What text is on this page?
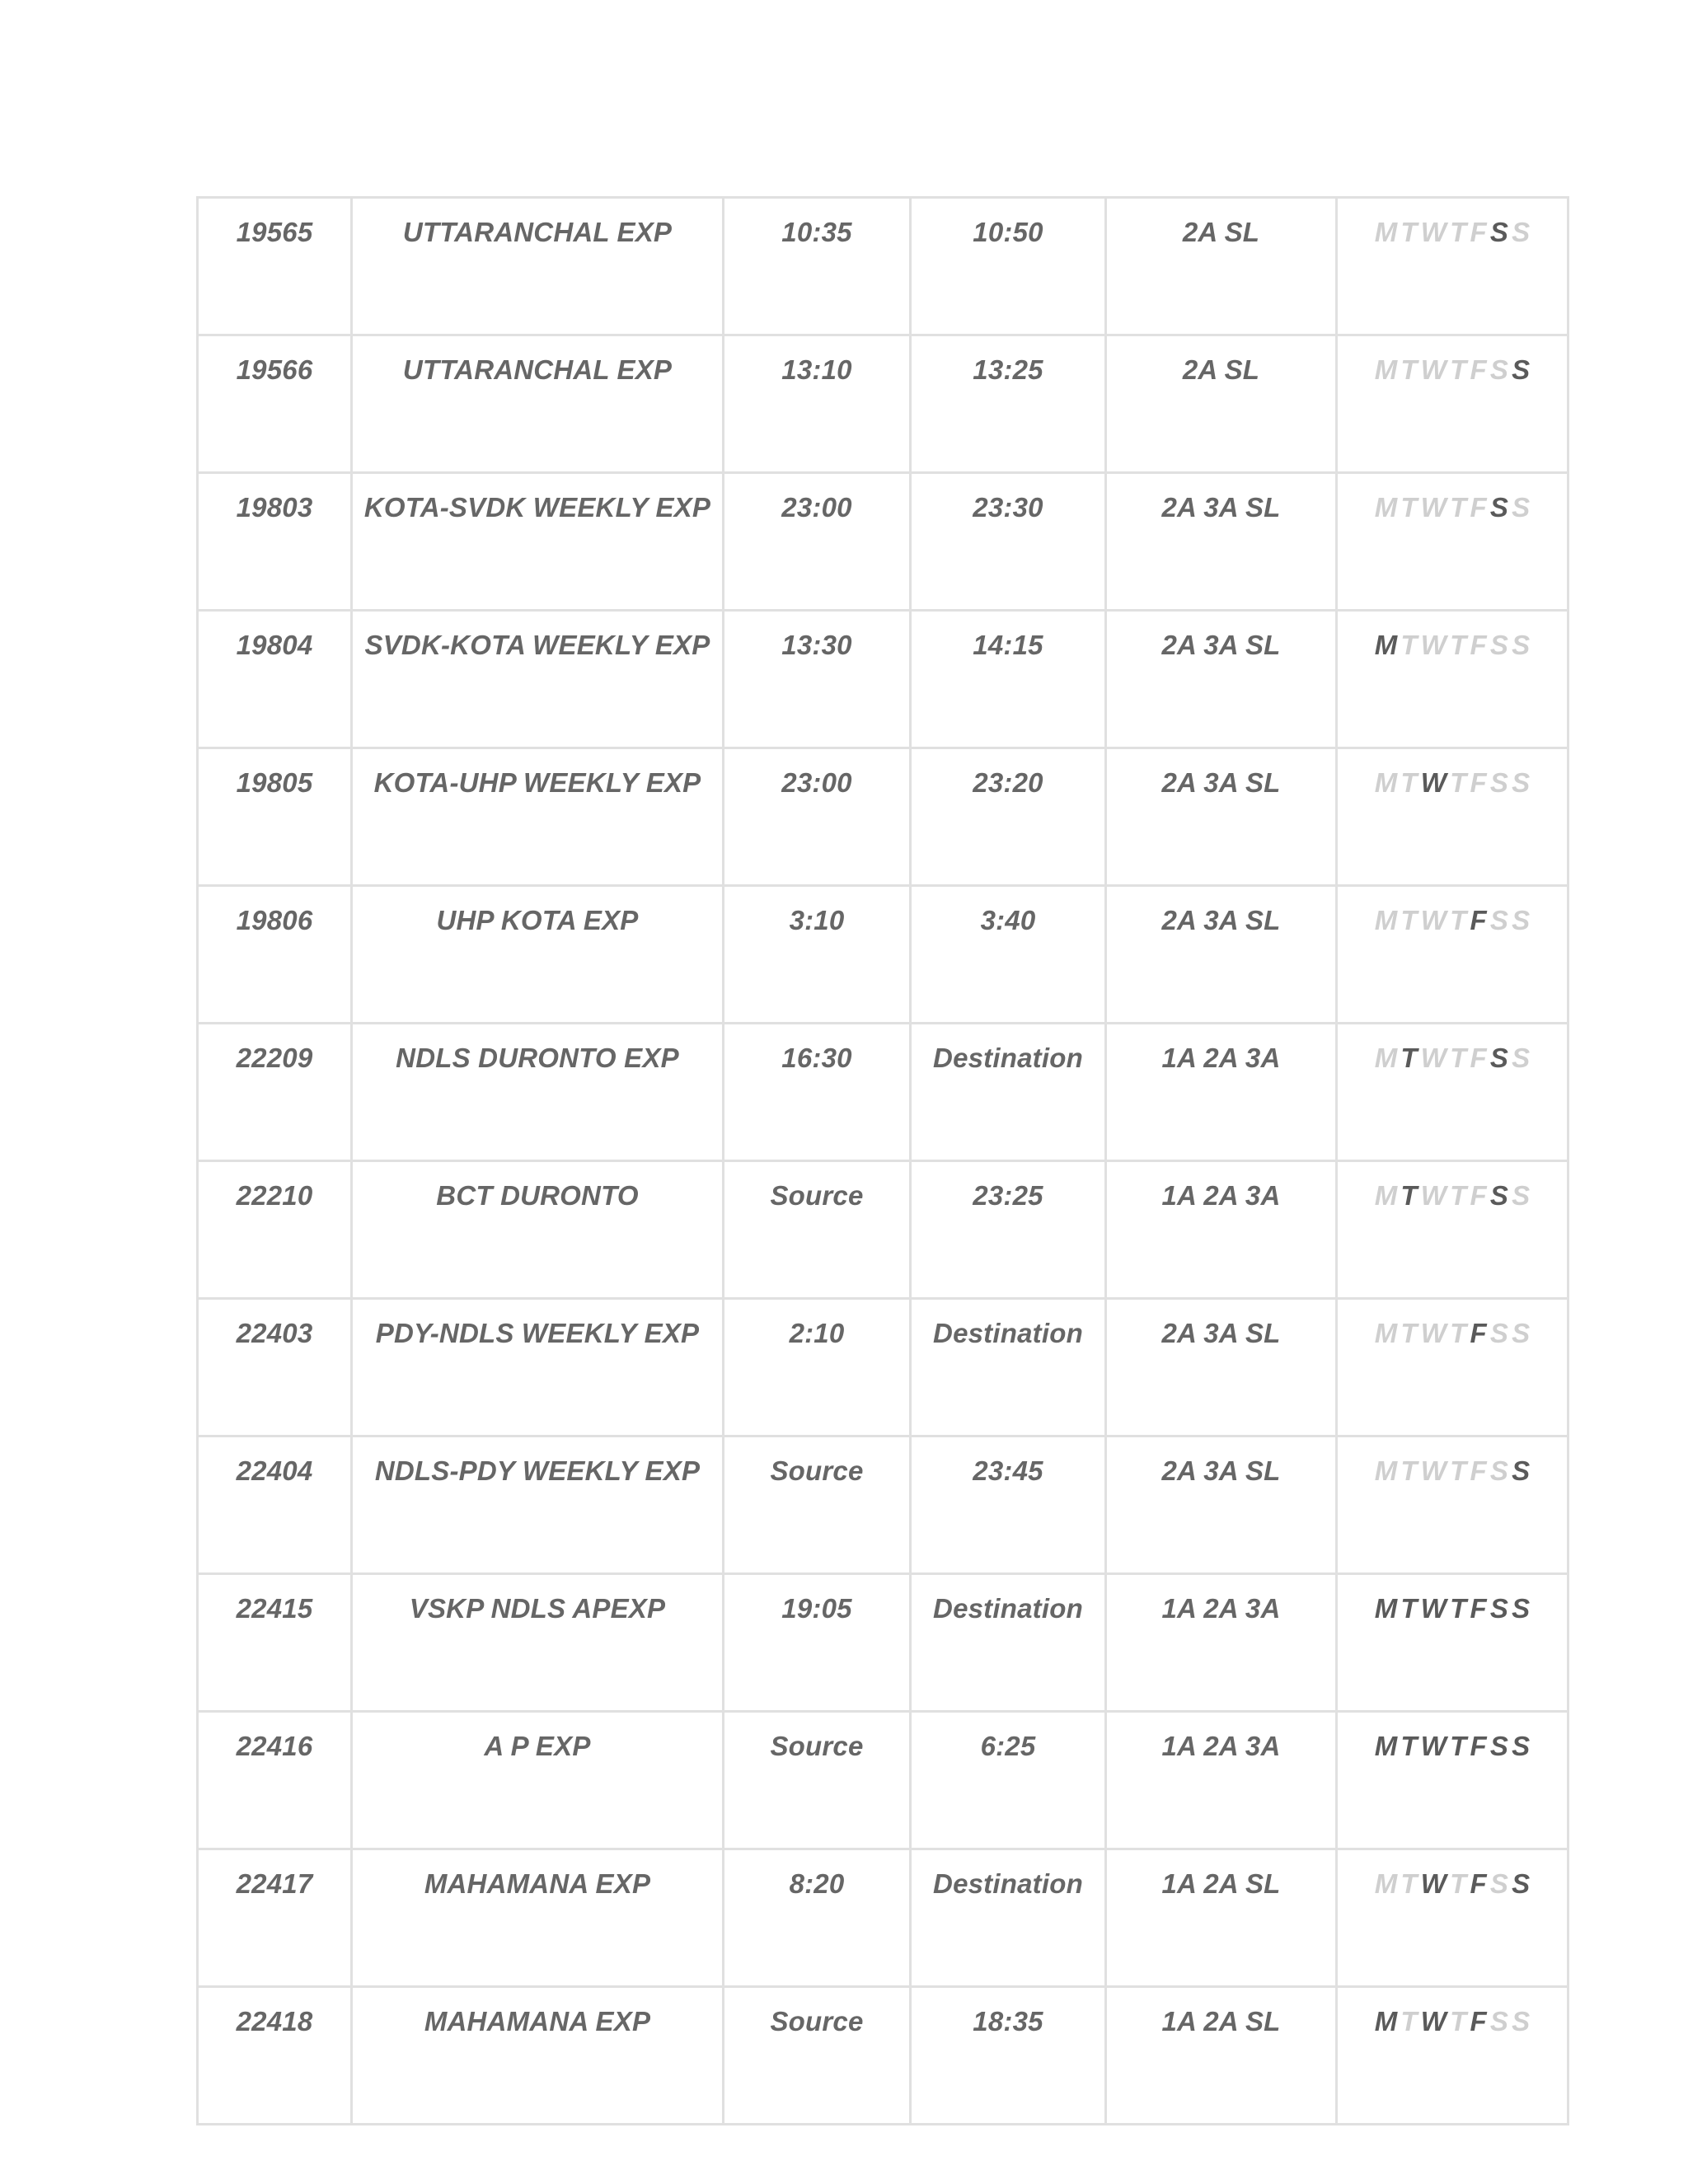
19565	UTTARANCHAL EXP	10:35	10:50	2A SL	M T W T F S S
19566	UTTARANCHAL EXP	13:10	13:25	2A SL	M T W T F S S
19803	KOTA-SVDK WEEKLY EXP	23:00	23:30	2A 3A SL	M T W T F S S
19804	SVDK-KOTA WEEKLY EXP	13:30	14:15	2A 3A SL	M T W T F S S
19805	KOTA-UHP WEEKLY EXP	23:00	23:20	2A 3A SL	M T W T F S S
19806	UHP KOTA EXP	3:10	3:40	2A 3A SL	M T W T F S S
22209	NDLS DURONTO EXP	16:30	Destination	1A 2A 3A	M T W T F S S
22210	BCT DURONTO	Source	23:25	1A 2A 3A	M T W T F S S
22403	PDY-NDLS WEEKLY EXP	2:10	Destination	2A 3A SL	M T W T F S S
22404	NDLS-PDY WEEKLY EXP	Source	23:45	2A 3A SL	M T W T F S S
22415	VSKP NDLS APEXP	19:05	Destination	1A 2A 3A	M T W T F S S
22416	A P EXP	Source	6:25	1A 2A 3A	M T W T F S S
22417	MAHAMANA EXP	8:20	Destination	1A 2A SL	M T W T F S S
22418	MAHAMANA EXP	Source	18:35	1A 2A SL	M T W T F S S
